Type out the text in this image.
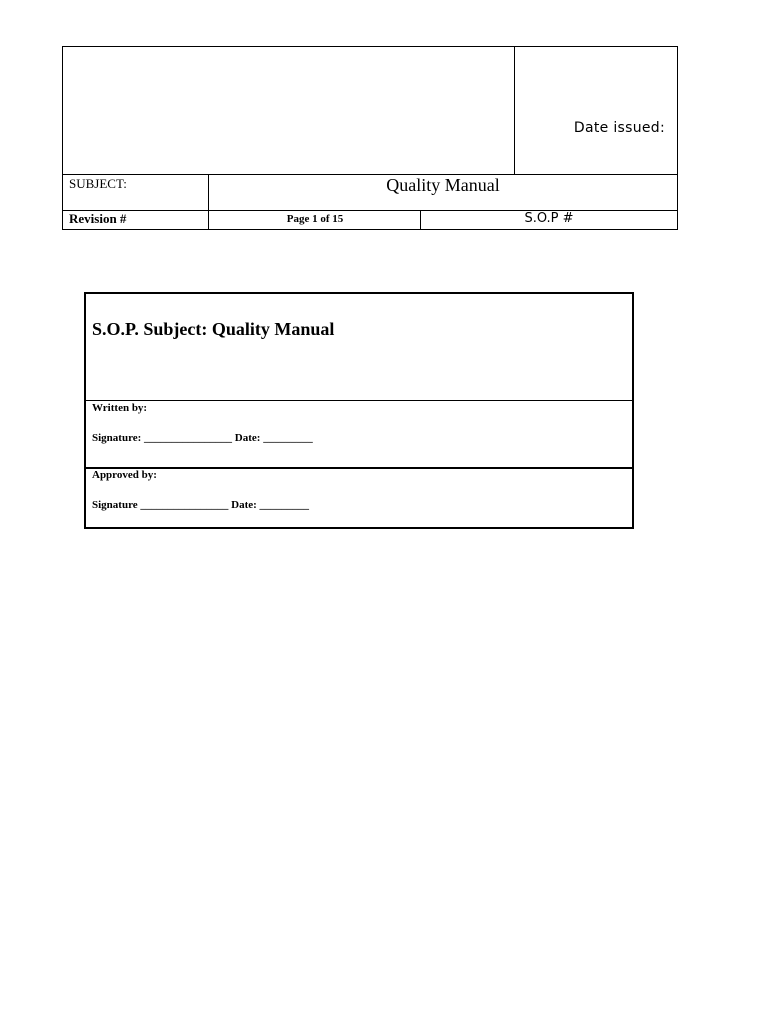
Date issued:
SUBJECT:	Quality Manual
Revision #	Page 1 of 15	S.O.P #
S.O.P. Subject: Quality Manual
Written by:
Signature: ________________ Date: _________
Approved by:
Signature ________________ Date: _________
